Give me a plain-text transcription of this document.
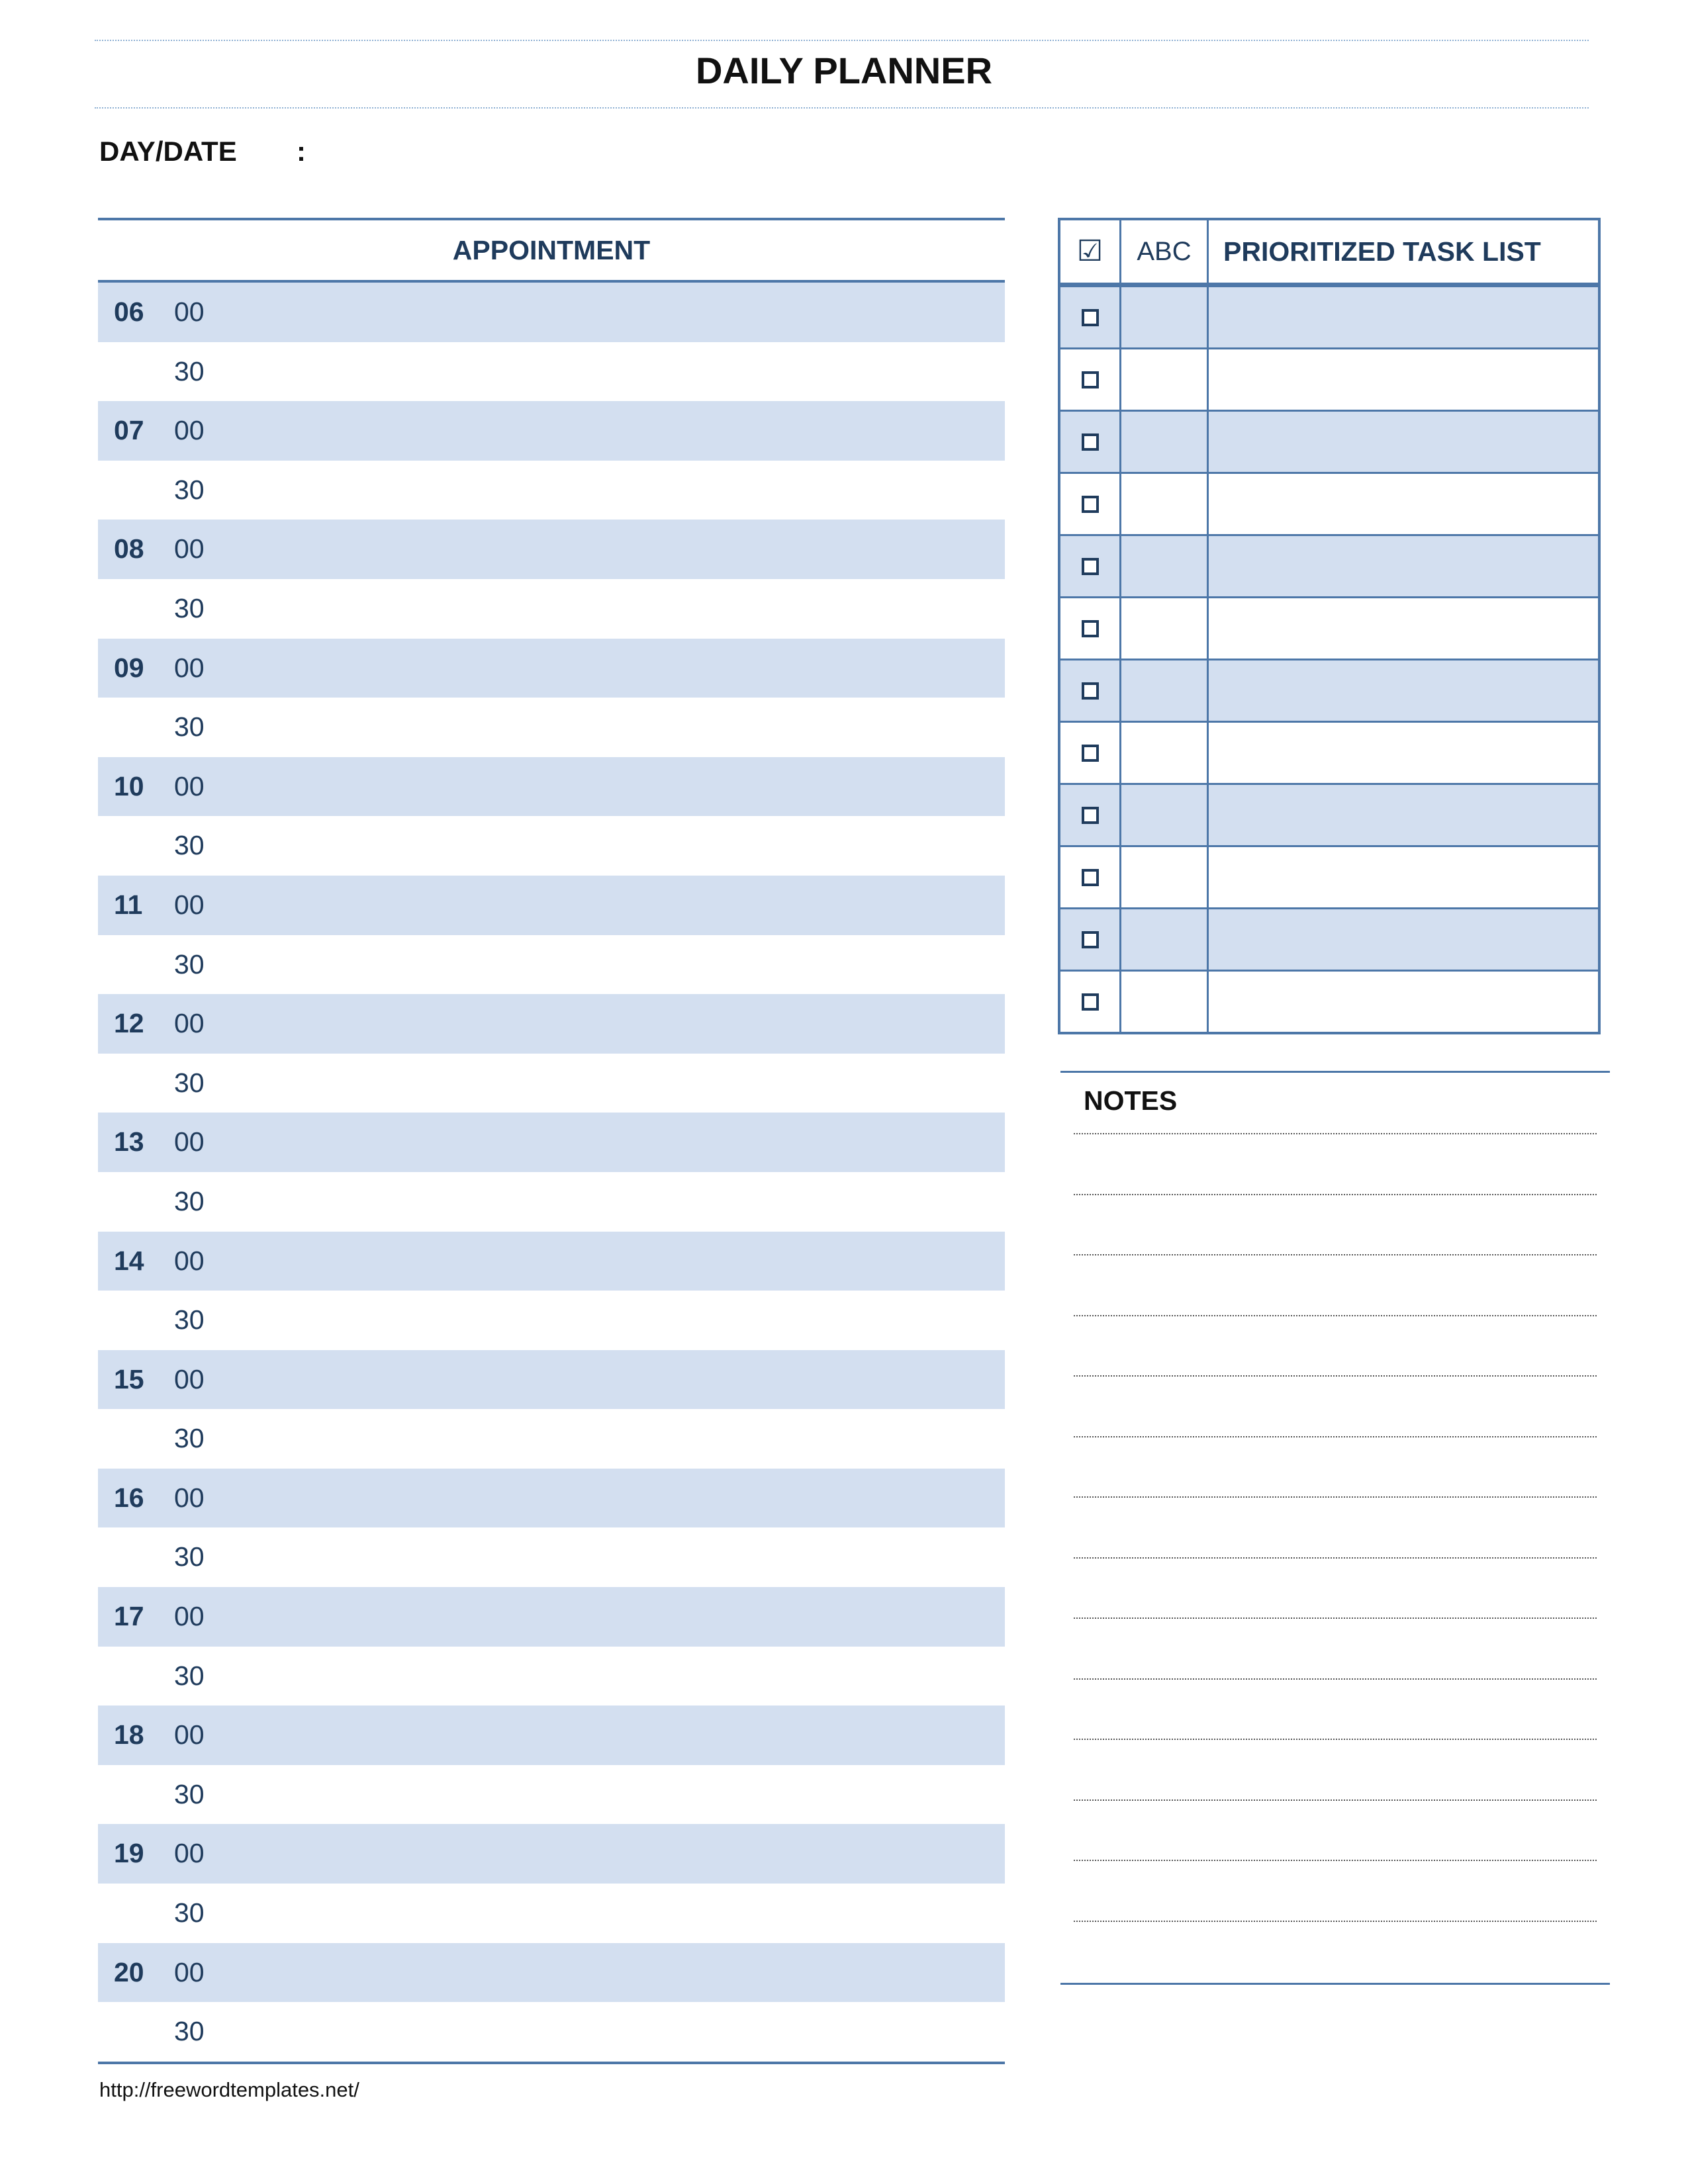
DAILY PLANNER
DAY/DATE :
APPOINTMENT
06 00
30
07 00
30
08 00
30
09 00
30
10 00
30
11 00
30
12 00
30
13 00
30
14 00
30
15 00
30
16 00
30
17 00
30
18 00
30
19 00
30
20 00
30
☑	ABC	PRIORITIZED TASK LIST
NOTES
http://freewordtemplates.net/
